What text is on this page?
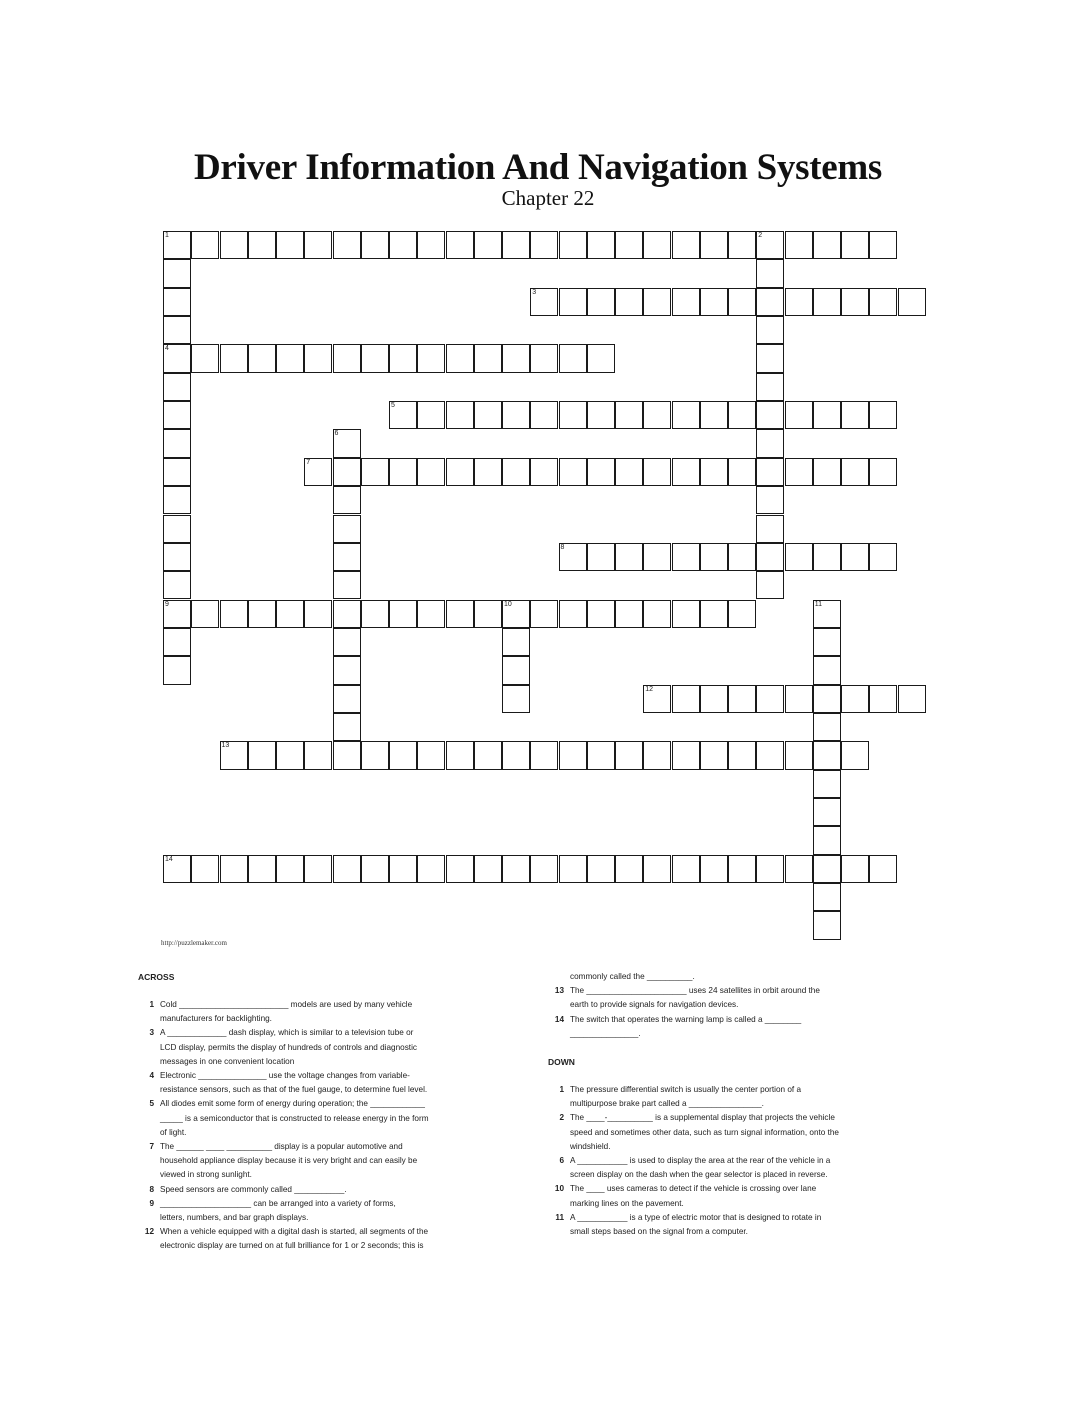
Driver Information And Navigation Systems
Chapter 22
1	2
3
4
5
7
8
9	10
12
13
14
6
11
http://puzzlemaker.com
ACROSS
1 Cold ________________________ models are used by many vehicle
manufacturers for backlighting.
3 A _____________ dash display, which is similar to a television tube or
LCD display, permits the display of hundreds of controls and diagnostic
messages in one convenient location
4 Electronic _______________ use the voltage changes from variable-
resistance sensors, such as that of the fuel gauge, to determine fuel level.
5 All diodes emit some form of energy during operation; the ____________
_____ is a semiconductor that is constructed to release energy in the form
of light.
7 The ______ ____ __________ display is a popular automotive and
household appliance display because it is very bright and can easily be
viewed in strong sunlight.
8 Speed sensors are commonly called ___________.
9 ____________________ can be arranged into a variety of forms,
letters, numbers, and bar graph displays.
12 When a vehicle equipped with a digital dash is started, all segments of the
electronic display are turned on at full brilliance for 1 or 2 seconds; this is
commonly called the __________.
13 The ______________________ uses 24 satellites in orbit around the
earth to provide signals for navigation devices.
14 The switch that operates the warning lamp is called a ________
_______________.
DOWN
1 The pressure differential switch is usually the center portion of a
multipurpose brake part called a ________________.
2 The ____-__________ is a supplemental display that projects the vehicle
speed and sometimes other data, such as turn signal information, onto the
windshield.
6 A ___________ is used to display the area at the rear of the vehicle in a
screen display on the dash when the gear selector is placed in reverse.
10 The ____ uses cameras to detect if the vehicle is crossing over lane
marking lines on the pavement.
11 A ___________ is a type of electric motor that is designed to rotate in
small steps based on the signal from a computer.
